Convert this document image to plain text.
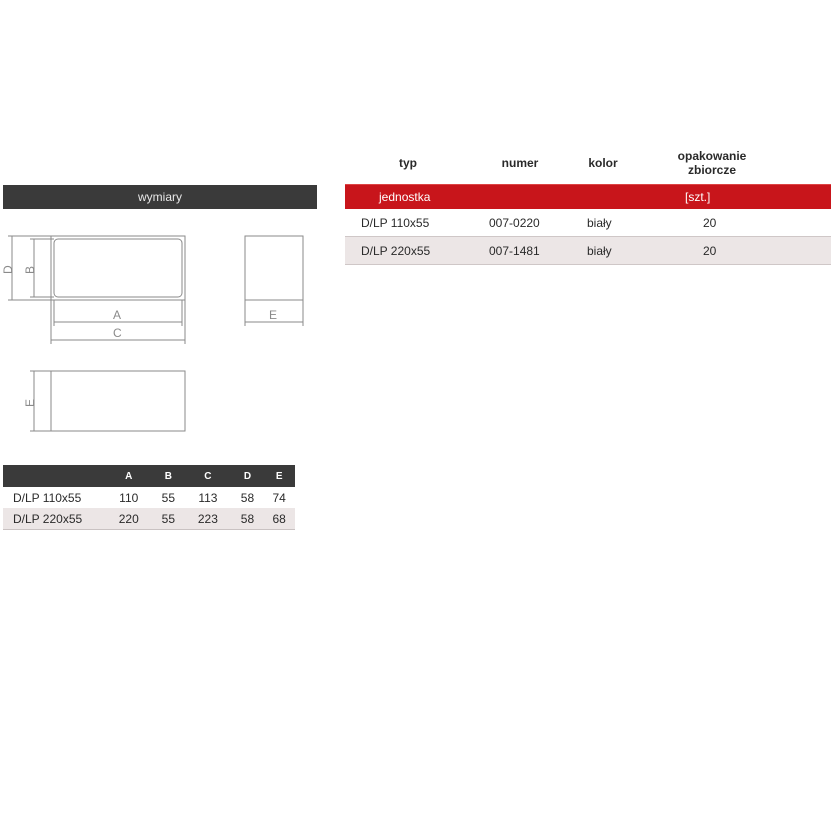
wymiary
D B
A
C
E
E
	A	B	C	D	E
D/LP 110x55	110	55	113	58	74
D/LP 220x55	220	55	223	58	68
typ	numer	kolor	opakowanie
zbiorcze
jednostka	[szt.]
D/LP 110x55	007-0220	biały	20
D/LP 220x55	007-1481	biały	20
